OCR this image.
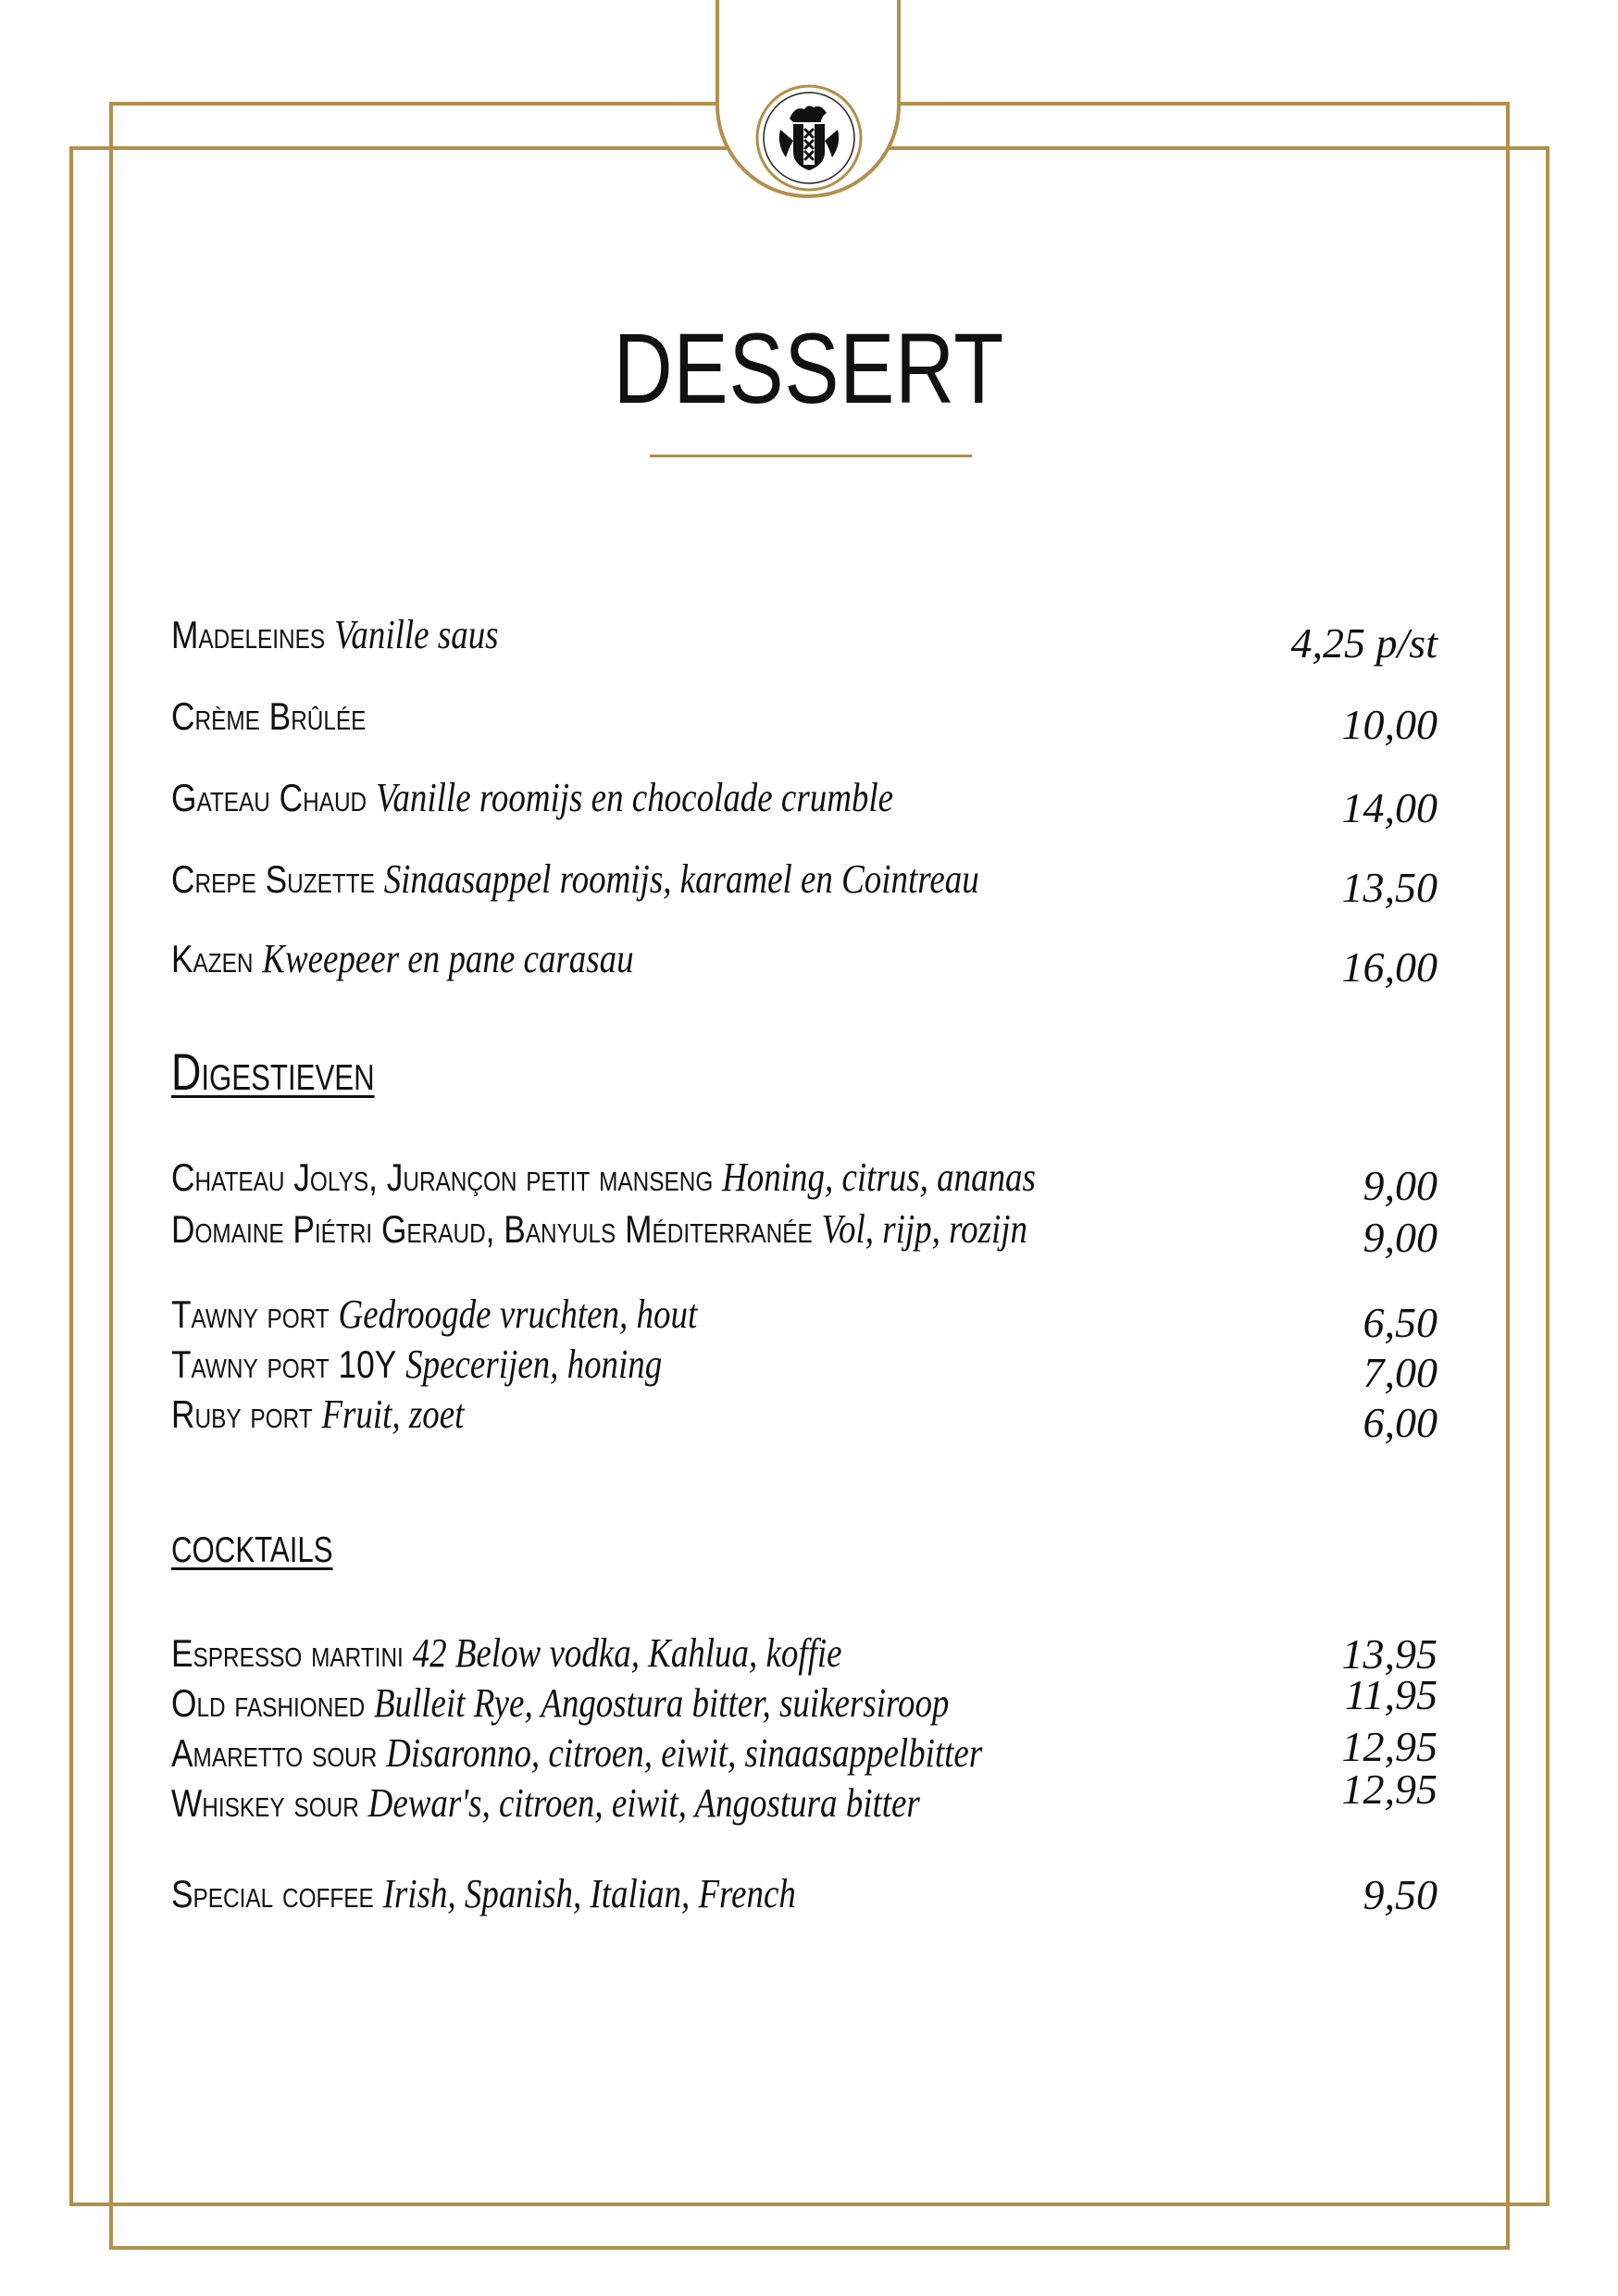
DESSERT
Madeleines Vanille saus	4,25 p/st
Crème Brûlée	10,00
Gateau Chaud Vanille roomijs en chocolade crumble	14,00
Crepe Suzette Sinaasappel roomijs, karamel en Cointreau	13,50
Kazen Kweepeer en pane carasau	16,00
Digestieven
Chateau Jolys, Jurançon petit manseng Honing, citrus, ananas	9,00
Domaine Piétri Geraud, Banyuls Méditerranée Vol, rijp, rozijn	9,00
Tawny port Gedroogde vruchten, hout	6,50
Tawny port 10Y Specerijen, honing	7,00
Ruby port Fruit, zoet	6,00
cocktails
Espresso martini 42 Below vodka, Kahlua, koffie	13,95
Old fashioned Bulleit Rye, Angostura bitter, suikersiroop	11,95
Amaretto sour Disaronno, citroen, eiwit, sinaasappelbitter	12,95
Whiskey sour Dewar's, citroen, eiwit, Angostura bitter	12,95
Special coffee Irish, Spanish, Italian, French	9,50
